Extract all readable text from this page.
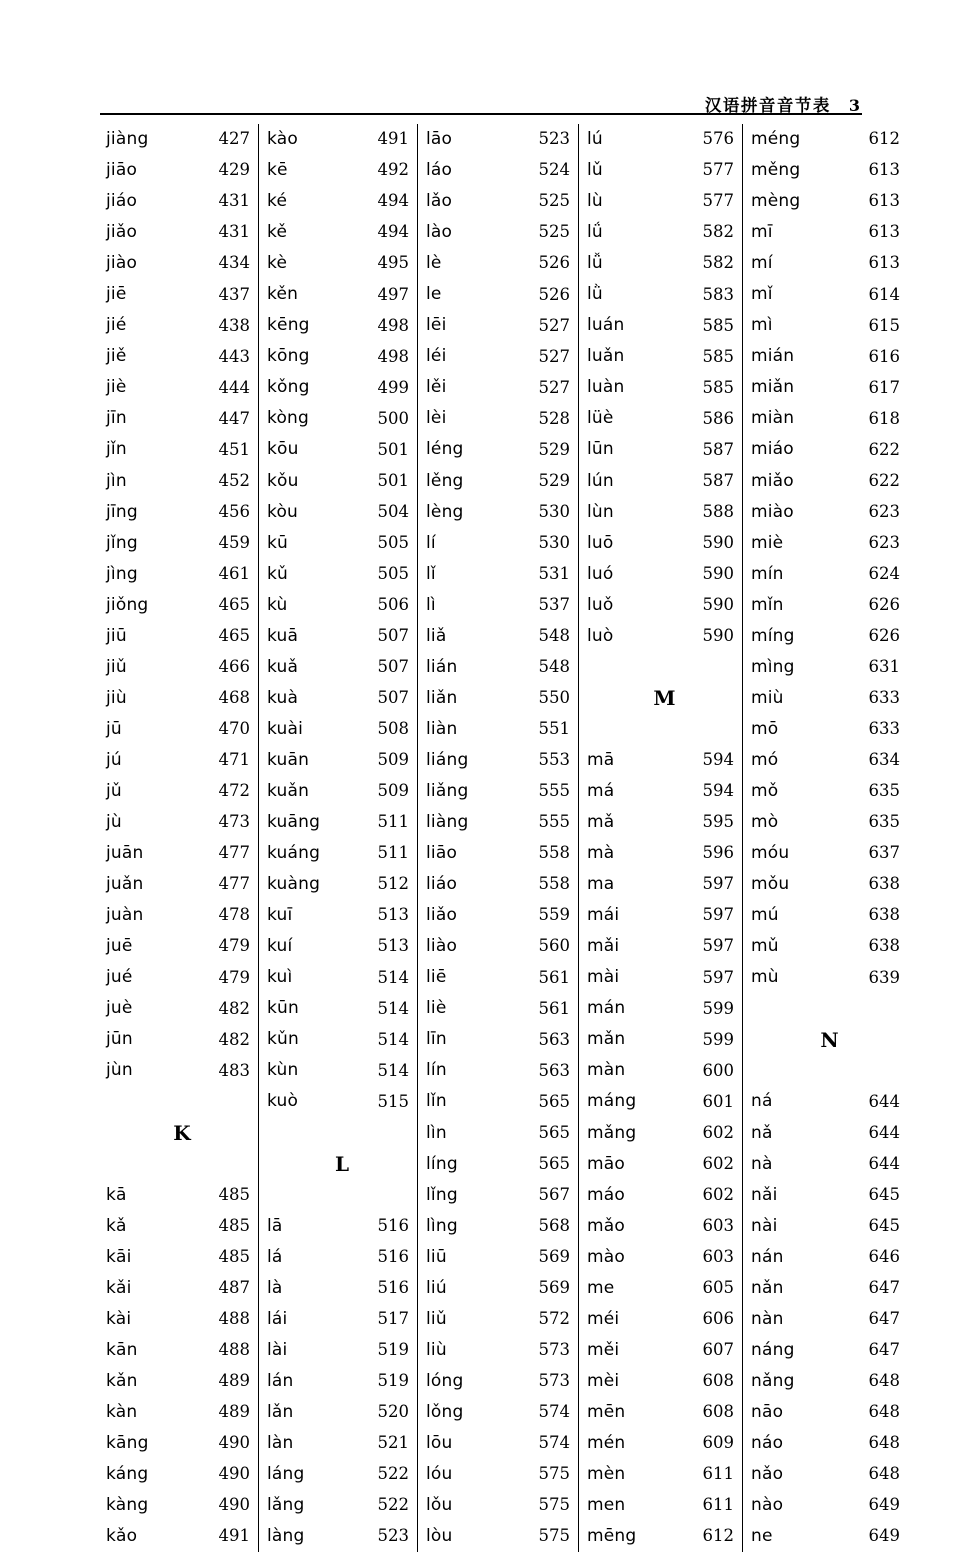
汉语拼音音节表 3
jiàng	427
jiāo	429
jiáo	431
jiǎo	431
jiào	434
jiē	437
jié	438
jiě	443
jiè	444
jīn	447
jǐn	451
jìn	452
jīng	456
jǐng	459
jìng	461
jiǒng	465
jiū	465
jiǔ	466
jiù	468
jū	470
jú	471
jǔ	472
jù	473
juān	477
juǎn	477
juàn	478
juē	479
jué	479
juè	482
jūn	482
jùn	483
K
kā	485
kǎ	485
kāi	485
kǎi	487
kài	488
kān	488
kǎn	489
kàn	489
kāng	490
káng	490
kàng	490
kǎo	491
kào	491
kē	492
ké	494
kě	494
kè	495
kěn	497
kēng	498
kōng	498
kǒng	499
kòng	500
kōu	501
kǒu	501
kòu	504
kū	505
kǔ	505
kù	506
kuā	507
kuǎ	507
kuà	507
kuài	508
kuān	509
kuǎn	509
kuāng	511
kuáng	511
kuàng	512
kuī	513
kuí	513
kuì	514
kūn	514
kǔn	514
kùn	514
kuò	515
L
lā	516
lá	516
là	516
lái	517
lài	519
lán	519
lǎn	520
làn	521
láng	522
lǎng	522
làng	523
lāo	523
láo	524
lǎo	525
lào	525
lè	526
le	526
lēi	527
léi	527
lěi	527
lèi	528
léng	529
lěng	529
lèng	530
lí	530
lǐ	531
lì	537
liǎ	548
lián	548
liǎn	550
liàn	551
liáng	553
liǎng	555
liàng	555
liāo	558
liáo	558
liǎo	559
liào	560
liē	561
liè	561
līn	563
lín	563
lǐn	565
lìn	565
líng	565
lǐng	567
lìng	568
liū	569
liú	569
liǔ	572
liù	573
lóng	573
lǒng	574
lōu	574
lóu	575
lǒu	575
lòu	575
lú	576
lǔ	577
lù	577
lǘ	582
lǚ	582
lǜ	583
luán	585
luǎn	585
luàn	585
lüè	586
lūn	587
lún	587
lùn	588
luō	590
luó	590
luǒ	590
luò	590
M
mā	594
má	594
mǎ	595
mà	596
ma	597
mái	597
mǎi	597
mài	597
mán	599
mǎn	599
màn	600
máng	601
mǎng	602
māo	602
máo	602
mǎo	603
mào	603
me	605
méi	606
měi	607
mèi	608
mēn	608
mén	609
mèn	611
men	611
mēng	612
méng	612
měng	613
mèng	613
mī	613
mí	613
mǐ	614
mì	615
mián	616
miǎn	617
miàn	618
miáo	622
miǎo	622
miào	623
miè	623
mín	624
mǐn	626
míng	626
mìng	631
miù	633
mō	633
mó	634
mǒ	635
mò	635
móu	637
mǒu	638
mú	638
mǔ	638
mù	639
N
ná	644
nǎ	644
nà	644
nǎi	645
nài	645
nán	646
nǎn	647
nàn	647
náng	647
nǎng	648
nāo	648
náo	648
nǎo	648
nào	649
ne	649
